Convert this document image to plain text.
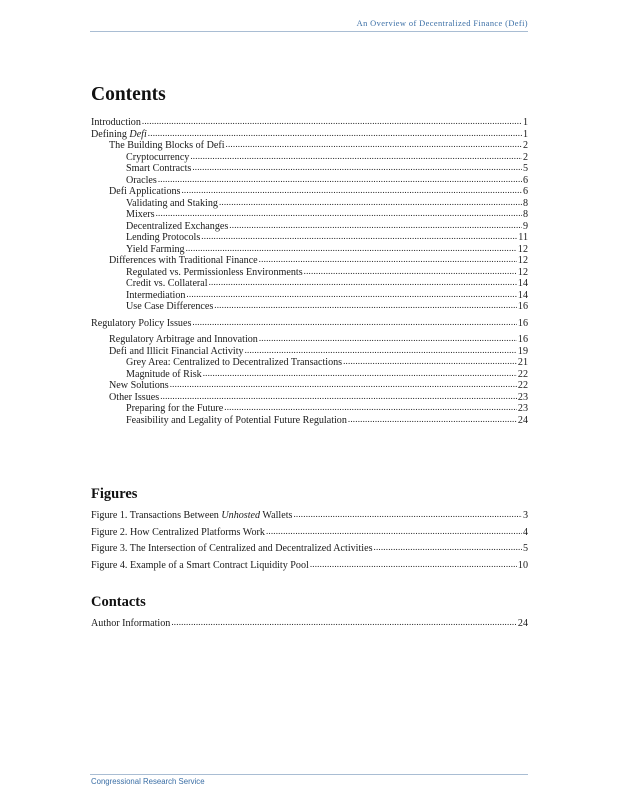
An Overview of Decentralized Finance (Defi)
Contents
Introduction .....	1
Defining Defi .....	1
The Building Blocks of Defi .....	2
Cryptocurrency .....	2
Smart Contracts .....	5
Oracles .....	6
Defi Applications .....	6
Validating and Staking .....	8
Mixers .....	8
Decentralized Exchanges .....	9
Lending Protocols .....	11
Yield Farming .....	12
Differences with Traditional Finance .....	12
Regulated vs. Permissionless Environments .....	12
Credit vs. Collateral .....	14
Intermediation .....	14
Use Case Differences .....	16
Regulatory Policy Issues .....	16
Regulatory Arbitrage and Innovation .....	16
Defi and Illicit Financial Activity .....	19
Grey Area: Centralized to Decentralized Transactions .....	21
Magnitude of Risk .....	22
New Solutions .....	22
Other Issues .....	23
Preparing for the Future .....	23
Feasibility and Legality of Potential Future Regulation .....	24
Figures
Figure 1. Transactions Between Unhosted Wallets .....	3
Figure 2. How Centralized Platforms Work .....	4
Figure 3. The Intersection of Centralized and Decentralized Activities .....	5
Figure 4. Example of a Smart Contract Liquidity Pool .....	10
Contacts
Author Information .....	24
Congressional Research Service
